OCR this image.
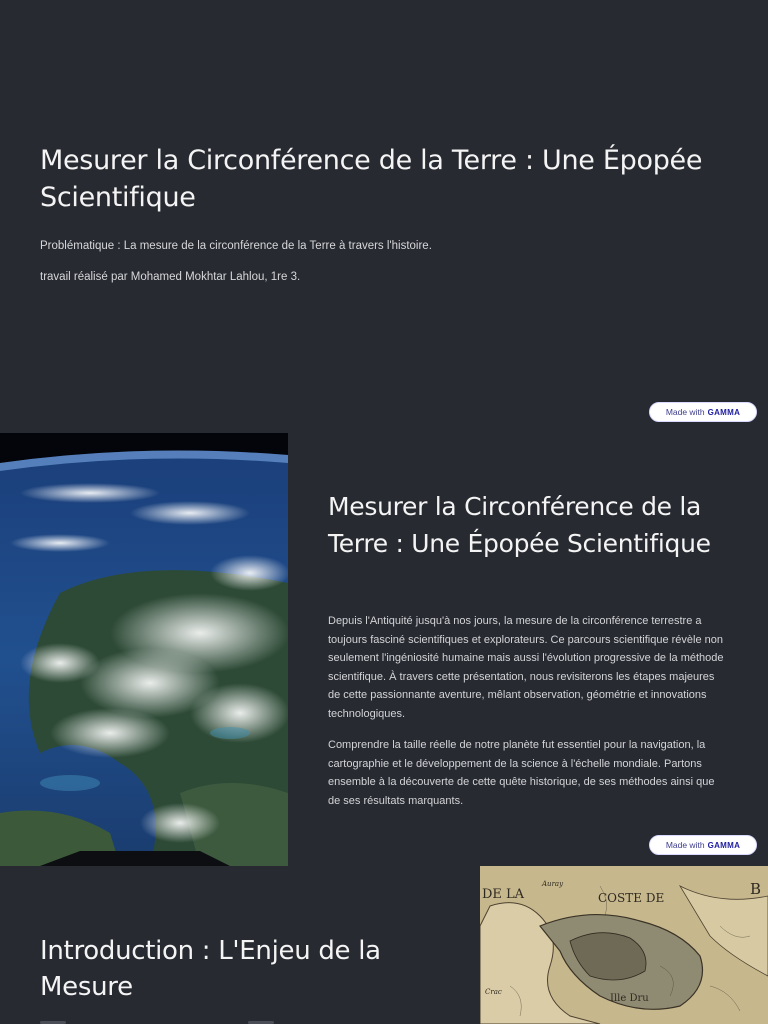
Mesurer la Circonférence de la Terre : Une Épopée Scientifique

Problématique : La mesure de la circonférence de la Terre à travers l'histoire.

travail réalisé par Mohamed Mokhtar Lahlou, 1re 3.

Made with GAMMA
Mesurer la Circonférence de la Terre : Une Épopée Scientifique

Depuis l'Antiquité jusqu'à nos jours, la mesure de la circonférence terrestre a toujours fasciné scientifiques et explorateurs. Ce parcours scientifique révèle non seulement l'ingéniosité humaine mais aussi l'évolution progressive de la méthode scientifique. À travers cette présentation, nous revisiterons les étapes majeures de cette passionnante aventure, mêlant observation, géométrie et innovations technologiques.

Comprendre la taille réelle de notre planète fut essentiel pour la navigation, la cartographie et le développement de la science à l'échelle mondiale. Partons ensemble à la découverte de cette quête historique, de ses méthodes ainsi que de ses résultats marquants.

Made with GAMMA
Introduction : L'Enjeu de la Mesure
DE LA	COSTE DE	B
Auray
Ille Dru
Crac
